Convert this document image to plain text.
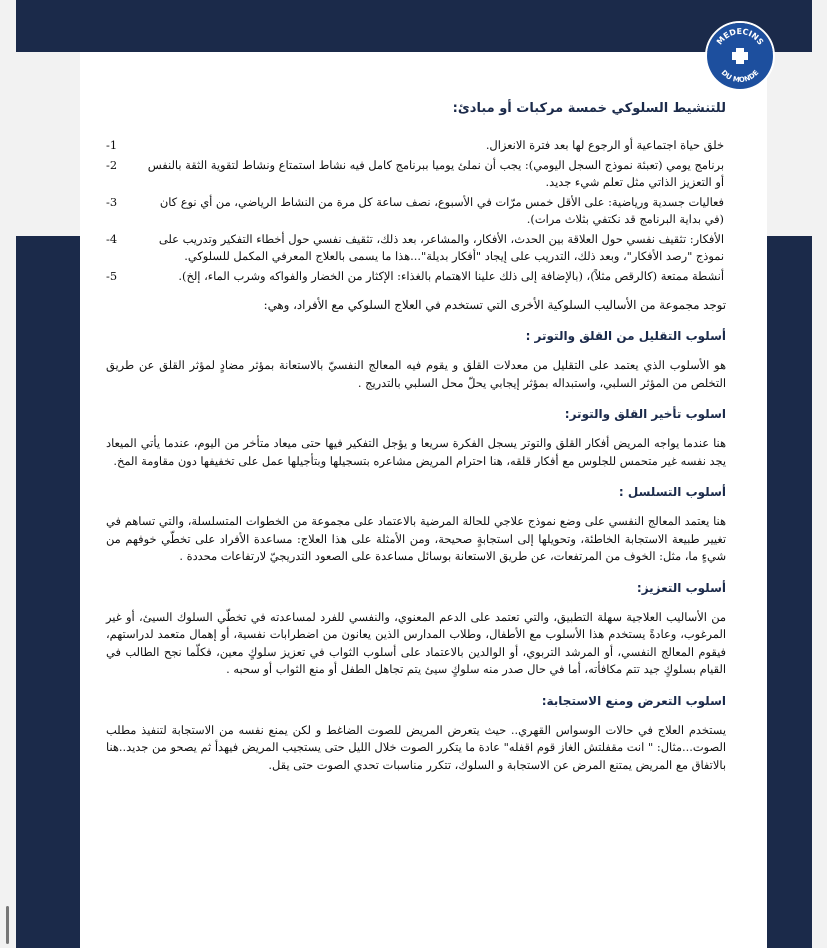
MEDECINS
DU MONDE
للتنشيط السلوكي خمسة مركبات أو مبادئ:
-1	خلق حياة اجتماعية أو الرجوع لها بعد فترة الانعزال.
-2	برنامج يومي (تعبئة نموذج السجل اليومي): يجب أن نملئ يوميا ببرنامج كامل فيه نشاط استمتاع ونشاط لتقوية الثقة بالنفس أو التعزيز الذاتي مثل تعلم شيء جديد.
-3	فعاليات جسدية ورياضية: على الأقل خمس مرّات في الأسبوع، نصف ساعة كل مرة من النشاط الرياضي، من أي نوع كان (في بداية البرنامج قد نكتفي بثلاث مرات).
-4	الأفكار: تثقيف نفسي حول العلاقة بين الحدث، الأفكار، والمشاعر، بعد ذلك، تثقيف نفسي حول أخطاء التفكير وتدريب على نموذج "رصد الأفكار"، وبعد ذلك، التدريب على إيجاد "أفكار بديلة"...هذا ما يسمى بالعلاج المعرفي المكمل للسلوكي.
-5	أنشطة ممتعة (كالرقص مثلاً)، (بالإضافة إلى ذلك علينا الاهتمام بالغذاء: الإكثار من الخضار والفواكه وشرب الماء، إلخ).

توجد مجموعة من الأساليب السلوكية الأخرى التي تستخدم في العلاج السلوكي مع الأفراد، وهي:

أسلوب التقليل من القلق والتوتر :

هو الأسلوب الذي يعتمد على التقليل من معدلات القلق و يقوم فيه المعالج النفسيّ بالاستعانة بمؤثر مضادٍ لمؤثر القلق عن طريق التخلص من المؤثر السلبي، واستبداله بمؤثر إيجابي يحلّ محل السلبي بالتدريج .

اسلوب تأخير القلق والتوتر:

هنا عندما يواجه المريض أفكار القلق والتوتر يسجل الفكرة سريعا و يؤجل التفكير فيها حتى ميعاد متأخر من اليوم، عندما يأتي الميعاد يجد نفسه غير متحمس للجلوس مع أفكار قلقه، هنا احترام المريض مشاعره بتسجيلها وبتأجيلها عمل على تخفيفها دون مقاومة المخ.

أسلوب التسلسل :

هنا يعتمد المعالج النفسي على وضع نموذج علاجي للحالة المرضية بالاعتماد على مجموعة من الخطوات المتسلسلة، والتي تساهم في تغيير طبيعة الاستجابة الخاطئة، وتحويلها إلى استجابةٍ صحيحة، ومن الأمثلة على هذا العلاج: مساعدة الأفراد على تخطّي خوفهم من شيءٍ ما، مثل: الخوف من المرتفعات، عن طريق الاستعانة بوسائل مساعدة على الصعود التدريجيّ لارتفاعات محددة .

أسلوب التعزيز:

من الأساليب العلاجية سهلة التطبيق، والتي تعتمد على الدعم المعنوي، والنفسي للفرد لمساعدته في تخطّي السلوك السيئ، أو غير المرغوب، وعادةً يستخدم هذا الأسلوب مع الأطفال، وطلاب المدارس الذين يعانون من اضطرابات نفسية، أو إهمال متعمد لدراستهم، فيقوم المعالج النفسي، أو المرشد التربوي، أو الوالدين بالاعتماد على أسلوب الثواب في تعزيز سلوكٍ معين، فكلّما نجح الطالب في القيام بسلوكٍ جيد تتم مكافأته، أما في حال صدر منه سلوكٍ سيئ يتم تجاهل الطفل أو منع الثواب أو سحبه .

اسلوب التعرض ومنع الاستجابة:

يستخدم العلاج في حالات الوسواس القهري.. حيث يتعرض المريض للصوت الضاغط و لكن يمنع نفسه من الاستجابة لتنفيذ مطلب الصوت...مثال: " انت مقفلتش الغاز قوم اقفله" عادة ما يتكرر الصوت خلال الليل حتى يستجيب المريض فيهدأ ثم يصحو من جديد..هنا بالاتفاق مع المريض يمتنع المرض عن الاستجابة و السلوك، تتكرر مناسبات تحدي الصوت حتى يقل.
